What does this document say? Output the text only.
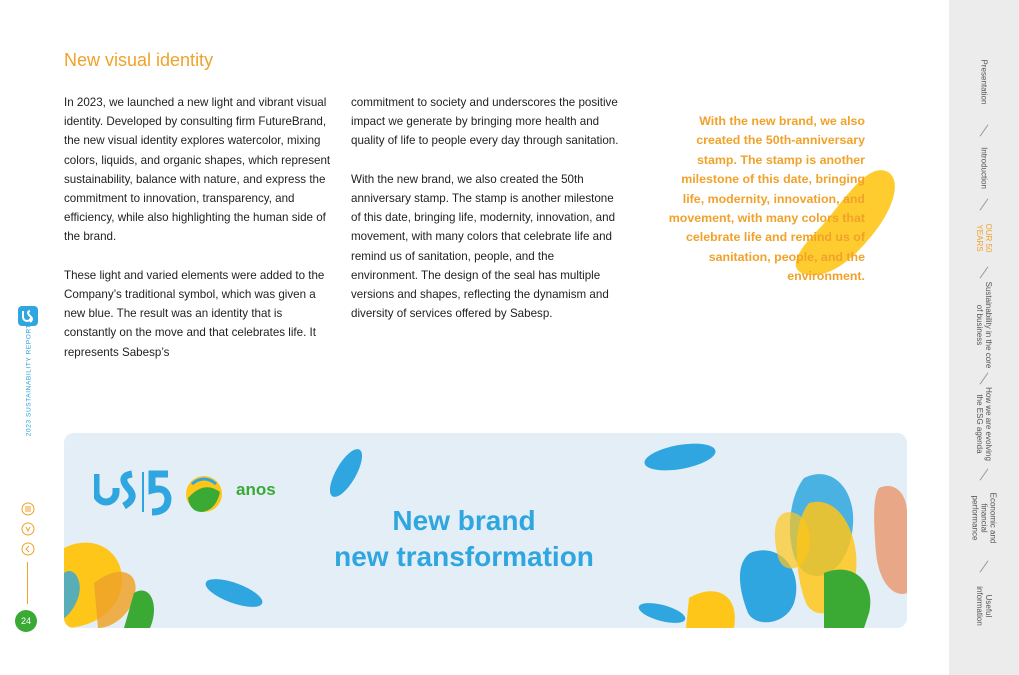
New visual identity

In 2023, we launched a new light and vibrant visual identity. Developed by consulting firm FutureBrand, the new visual identity explores watercolor, mixing colors, liquids, and organic shapes, which represent sustainability, balance with nature, and express the commitment to innovation, transparency, and efficiency, while also highlighting the human side of the brand.

These light and varied elements were added to the Company’s traditional symbol, which was given a new blue. The result was an identity that is constantly on the move and that celebrates life. It represents Sabesp’s

commitment to society and underscores the positive impact we generate by bringing more health and quality of life to people every day through sanitation.

With the new brand, we also created the 50th anniversary stamp. The stamp is another milestone of this date, bringing life, modernity, innovation, and movement, with many colors that celebrate life and remind us of sanitation, people, and the environment. The design of the seal has multiple versions and shapes, reflecting the dynamism and diversity of services offered by Sabesp.

With the new brand, we also created the 50th-anniversary stamp. The stamp is another milestone of this date, bringing life, modernity, innovation, and movement, with many colors that celebrate life and remind us of sanitation, people, and the environment.
2023 SUSTAINABILITY REPORT
24
anos
New brand
new transformation
Presentation
Introduction
OUR 50 YEARS
Sustainability in the core of business
How we are evolving the ESG agenda
Economic and financial performance
Useful information
